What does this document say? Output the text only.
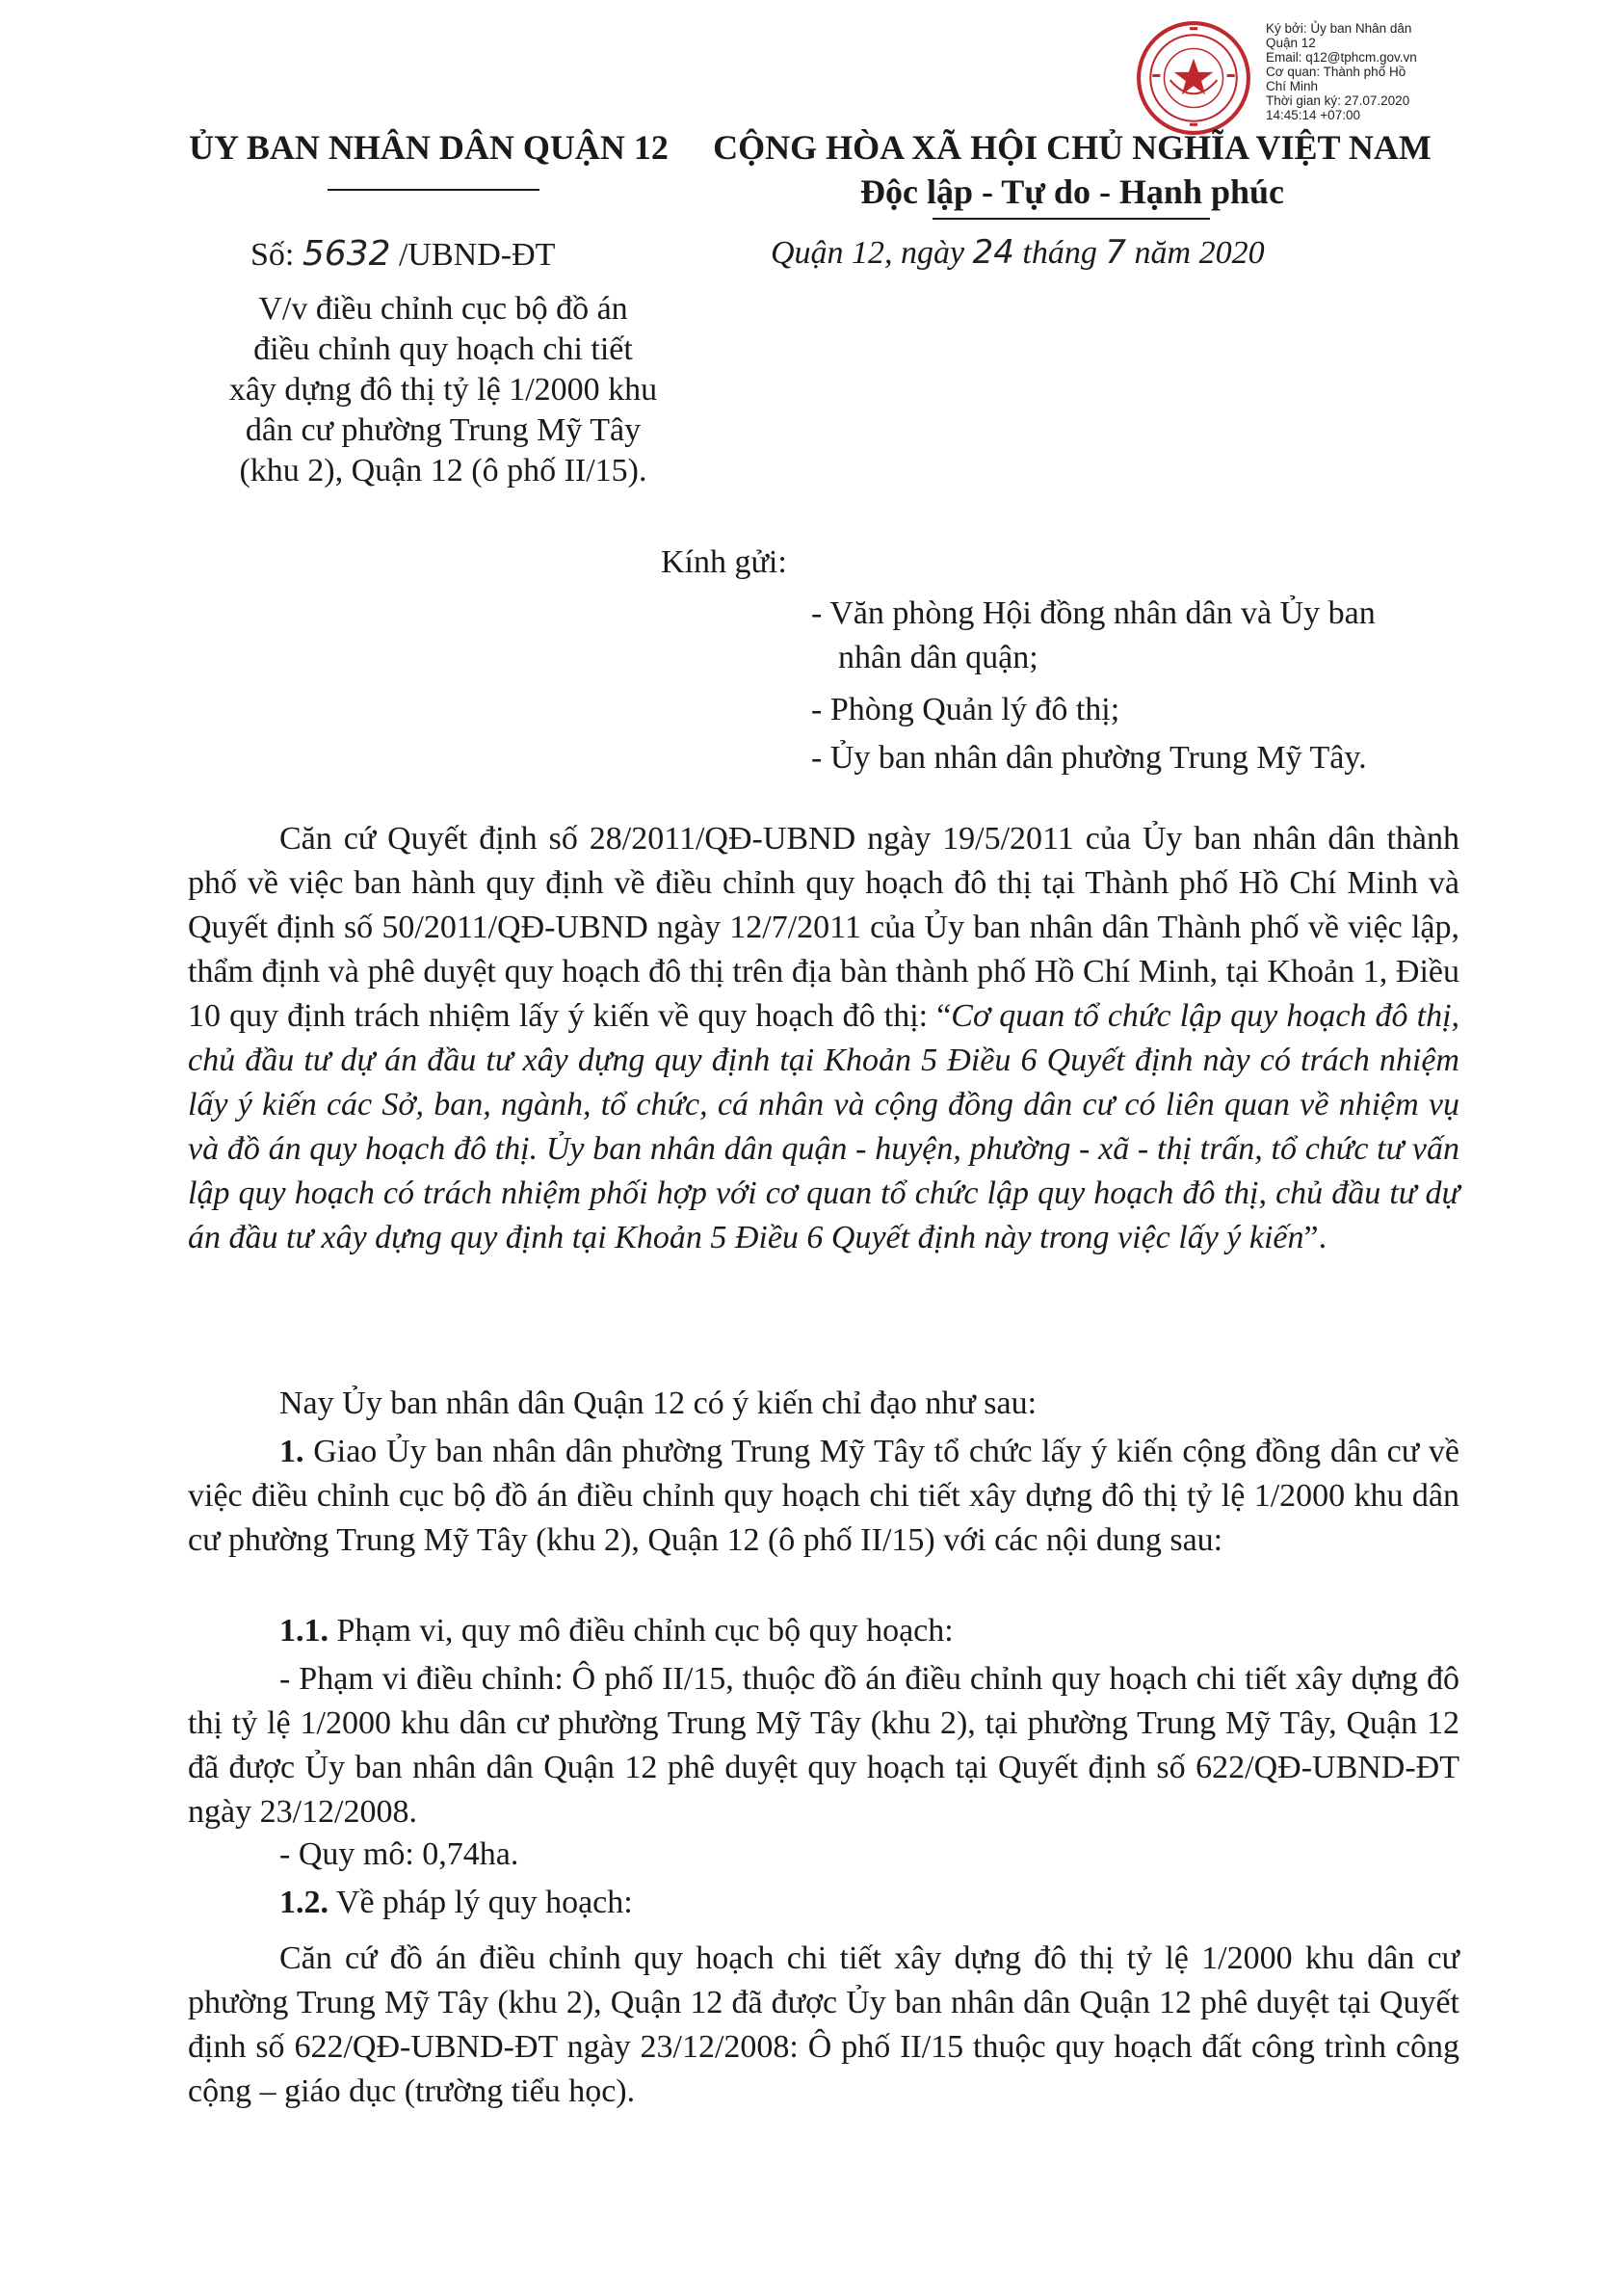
Ký bởi: Ủy ban Nhân dân
Quận 12
Email: q12@tphcm.gov.vn
Cơ quan: Thành phố Hồ
Chí Minh
Thời gian ký: 27.07.2020
14:45:14 +07:00
ỦY BAN NHÂN DÂN QUẬN 12	CỘNG HÒA XÃ HỘI CHỦ NGHĨA VIỆT NAM
Độc lập - Tự do - Hạnh phúc
Số: 5632 /UBND-ĐT	Quận 12, ngày 24 tháng 7 năm 2020
V/v điều chỉnh cục bộ đồ án
điều chỉnh quy hoạch chi tiết
xây dựng đô thị tỷ lệ 1/2000 khu
dân cư phường Trung Mỹ Tây
(khu 2), Quận 12 (ô phố II/15).
Kính gửi:
- Văn phòng Hội đồng nhân dân và Ủy ban
nhân dân quận;
- Phòng Quản lý đô thị;
- Ủy ban nhân dân phường Trung Mỹ Tây.
Căn cứ Quyết định số 28/2011/QĐ-UBND ngày 19/5/2011 của Ủy ban nhân dân thành phố về việc ban hành quy định về điều chỉnh quy hoạch đô thị tại Thành phố Hồ Chí Minh và Quyết định số 50/2011/QĐ-UBND ngày 12/7/2011 của Ủy ban nhân dân Thành phố về việc lập, thẩm định và phê duyệt quy hoạch đô thị trên địa bàn thành phố Hồ Chí Minh, tại Khoản 1, Điều 10 quy định trách nhiệm lấy ý kiến về quy hoạch đô thị: “Cơ quan tổ chức lập quy hoạch đô thị, chủ đầu tư dự án đầu tư xây dựng quy định tại Khoản 5 Điều 6 Quyết định này có trách nhiệm lấy ý kiến các Sở, ban, ngành, tổ chức, cá nhân và cộng đồng dân cư có liên quan về nhiệm vụ và đồ án quy hoạch đô thị. Ủy ban nhân dân quận - huyện, phường - xã - thị trấn, tổ chức tư vấn lập quy hoạch có trách nhiệm phối hợp với cơ quan tổ chức lập quy hoạch đô thị, chủ đầu tư dự án đầu tư xây dựng quy định tại Khoản 5 Điều 6 Quyết định này trong việc lấy ý kiến”.
Nay Ủy ban nhân dân Quận 12 có ý kiến chỉ đạo như sau:
1. Giao Ủy ban nhân dân phường Trung Mỹ Tây tổ chức lấy ý kiến cộng đồng dân cư về việc điều chỉnh cục bộ đồ án điều chỉnh quy hoạch chi tiết xây dựng đô thị tỷ lệ 1/2000 khu dân cư phường Trung Mỹ Tây (khu 2), Quận 12 (ô phố II/15) với các nội dung sau:
1.1. Phạm vi, quy mô điều chỉnh cục bộ quy hoạch:
- Phạm vi điều chỉnh: Ô phố II/15, thuộc đồ án điều chỉnh quy hoạch chi tiết xây dựng đô thị tỷ lệ 1/2000 khu dân cư phường Trung Mỹ Tây (khu 2), tại phường Trung Mỹ Tây, Quận 12 đã được Ủy ban nhân dân Quận 12 phê duyệt quy hoạch tại Quyết định số 622/QĐ-UBND-ĐT ngày 23/12/2008.
- Quy mô: 0,74ha.
1.2. Về pháp lý quy hoạch:
Căn cứ đồ án điều chỉnh quy hoạch chi tiết xây dựng đô thị tỷ lệ 1/2000 khu dân cư phường Trung Mỹ Tây (khu 2), Quận 12 đã được Ủy ban nhân dân Quận 12 phê duyệt tại Quyết định số 622/QĐ-UBND-ĐT ngày 23/12/2008: Ô phố II/15 thuộc quy hoạch đất công trình công cộng – giáo dục (trường tiểu học).
